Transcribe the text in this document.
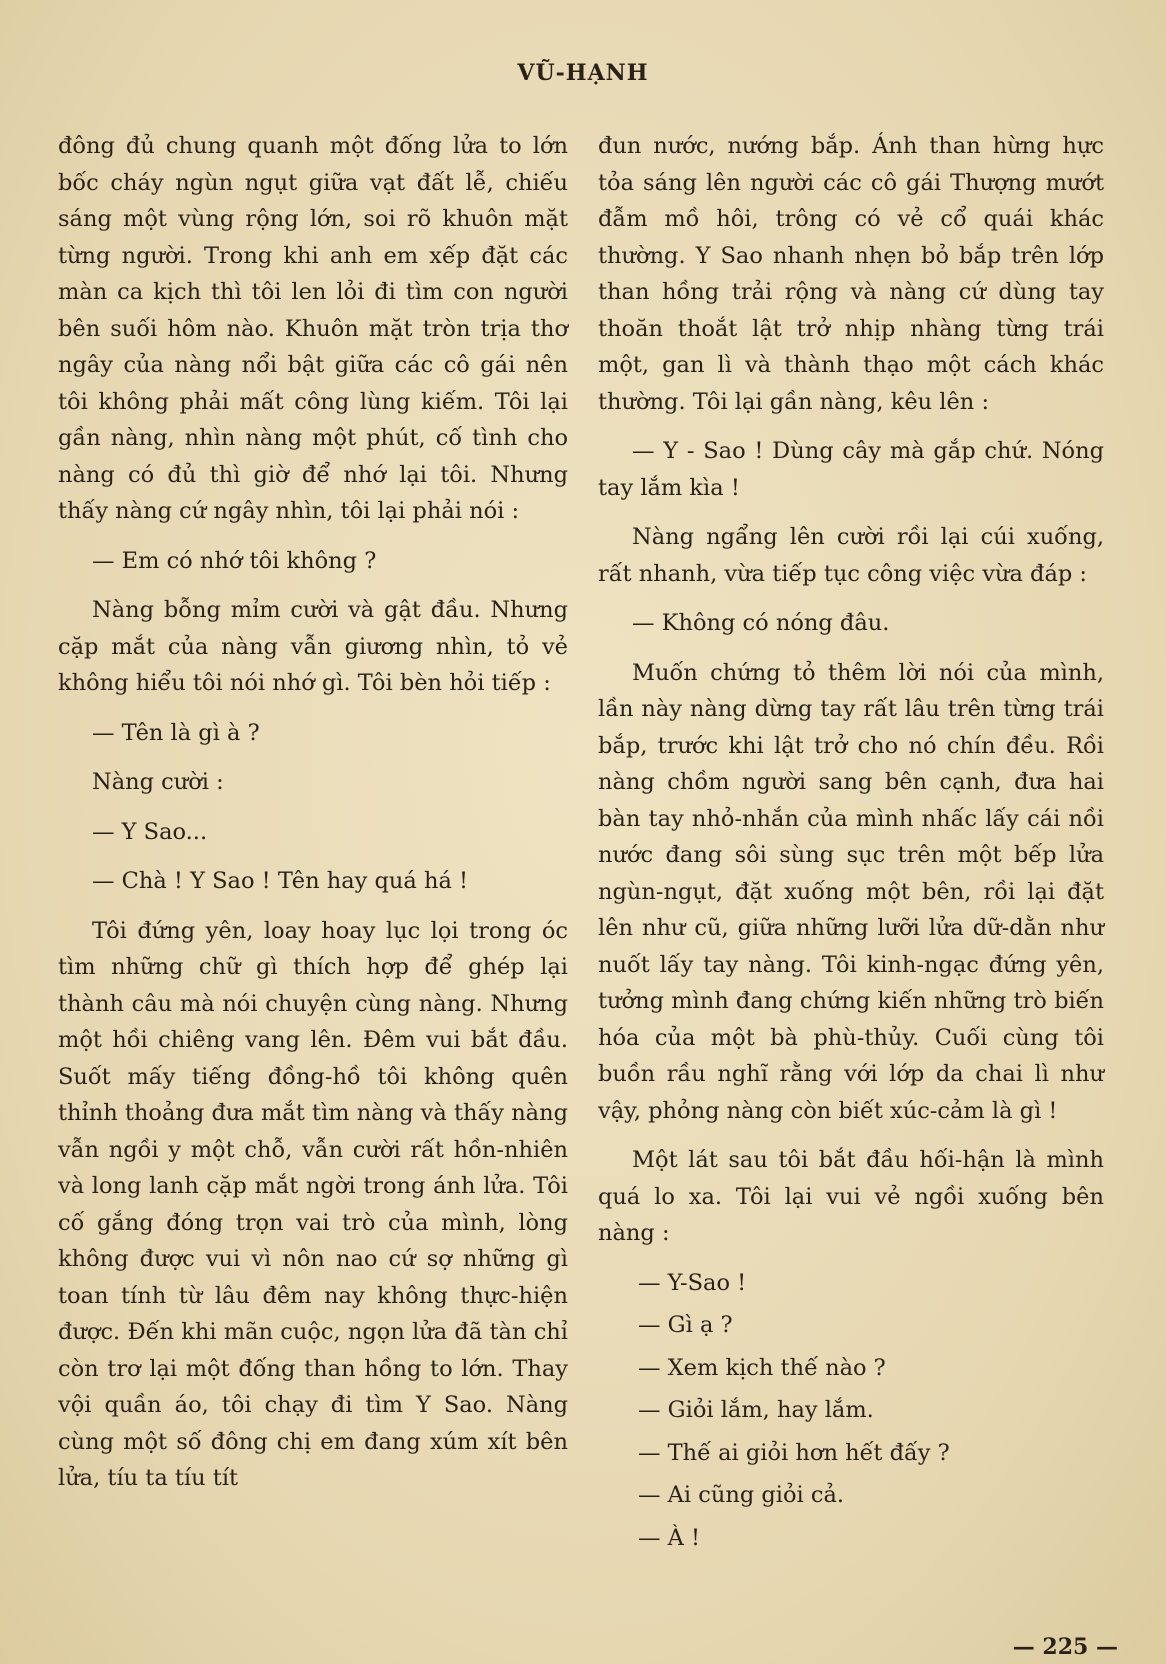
VŨ-HẠNH

đông đủ chung quanh một đống lửa to lớn bốc cháy ngùn ngụt giữa vạt đất lễ, chiếu sáng một vùng rộng lớn, soi rõ khuôn mặt từng người. Trong khi anh em xếp đặt các màn ca kịch thì tôi len lỏi đi tìm con người bên suối hôm nào. Khuôn mặt tròn trịa thơ ngây của nàng nổi bật giữa các cô gái nên tôi không phải mất công lùng kiếm. Tôi lại gần nàng, nhìn nàng một phút, cố tình cho nàng có đủ thì giờ để nhớ lại tôi. Nhưng thấy nàng cứ ngây nhìn, tôi lại phải nói :

— Em có nhớ tôi không ?

Nàng bỗng mỉm cười và gật đầu. Nhưng cặp mắt của nàng vẫn giương nhìn, tỏ vẻ không hiểu tôi nói nhớ gì. Tôi bèn hỏi tiếp :

— Tên là gì à ?

Nàng cười :

— Y Sao...

— Chà ! Y Sao ! Tên hay quá há !

Tôi đứng yên, loay hoay lục lọi trong óc tìm những chữ gì thích hợp để ghép lại thành câu mà nói chuyện cùng nàng. Nhưng một hồi chiêng vang lên. Đêm vui bắt đầu. Suốt mấy tiếng đồng-hồ tôi không quên thỉnh thoảng đưa mắt tìm nàng và thấy nàng vẫn ngồi y một chỗ, vẫn cười rất hồn-nhiên và long lanh cặp mắt ngời trong ánh lửa. Tôi cố gắng đóng trọn vai trò của mình, lòng không được vui vì nôn nao cứ sợ những gì toan tính từ lâu đêm nay không thực-hiện được. Đến khi mãn cuộc, ngọn lửa đã tàn chỉ còn trơ lại một đống than hồng to lớn. Thay vội quần áo, tôi chạy đi tìm Y Sao. Nàng cùng một số đông chị em đang xúm xít bên lửa, tíu ta tíu tít

đun nước, nướng bắp. Ánh than hừng hực tỏa sáng lên người các cô gái Thượng mướt đẫm mồ hôi, trông có vẻ cổ quái khác thường. Y Sao nhanh nhẹn bỏ bắp trên lớp than hồng trải rộng và nàng cứ dùng tay thoăn thoắt lật trở nhịp nhàng từng trái một, gan lì và thành thạo một cách khác thường. Tôi lại gần nàng, kêu lên :

— Y - Sao ! Dùng cây mà gắp chứ. Nóng tay lắm kìa !

Nàng ngẩng lên cười rồi lại cúi xuống, rất nhanh, vừa tiếp tục công việc vừa đáp :

— Không có nóng đâu.

Muốn chứng tỏ thêm lời nói của mình, lần này nàng dừng tay rất lâu trên từng trái bắp, trước khi lật trở cho nó chín đều. Rồi nàng chồm người sang bên cạnh, đưa hai bàn tay nhỏ-nhắn của mình nhấc lấy cái nồi nước đang sôi sùng sục trên một bếp lửa ngùn-ngụt, đặt xuống một bên, rồi lại đặt lên như cũ, giữa những lưỡi lửa dữ-dằn như nuốt lấy tay nàng. Tôi kinh-ngạc đứng yên, tưởng mình đang chứng kiến những trò biến hóa của một bà phù-thủy. Cuối cùng tôi buồn rầu nghĩ rằng với lớp da chai lì như vậy, phỏng nàng còn biết xúc-cảm là gì !

Một lát sau tôi bắt đầu hối-hận là mình quá lo xa. Tôi lại vui vẻ ngồi xuống bên nàng :

— Y-Sao !

— Gì ạ ?

— Xem kịch thế nào ?

— Giỏi lắm, hay lắm.

— Thế ai giỏi hơn hết đấy ?

— Ai cũng giỏi cả.

— À !

— 225 —
